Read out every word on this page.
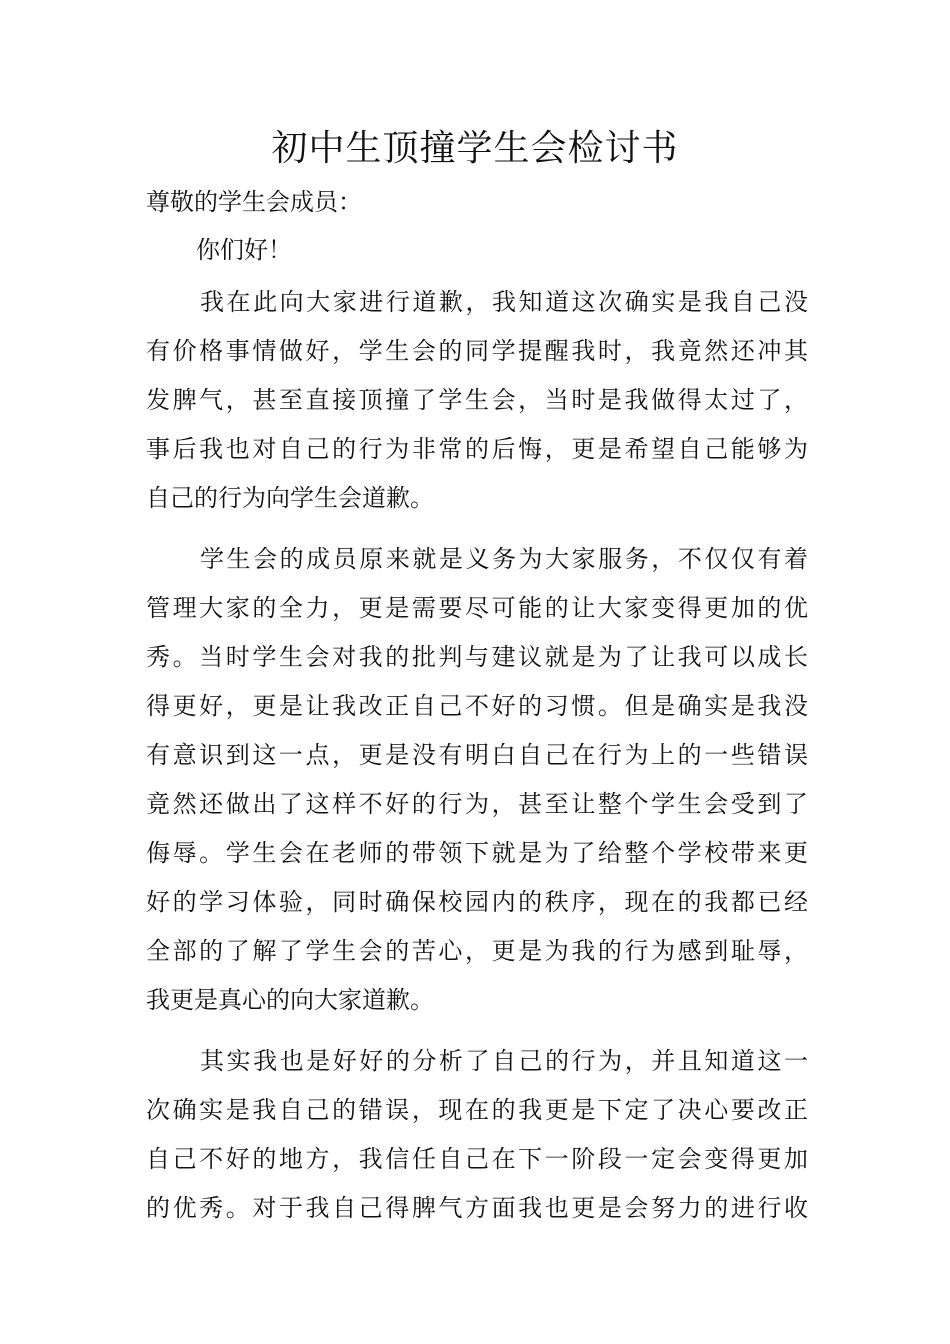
初中生顶撞学生会检讨书

尊敬的学生会成员：

你们好！

我在此向大家进行道歉，我知道这次确实是我自己没
有价格事情做好，学生会的同学提醒我时，我竟然还冲其
发脾气，甚至直接顶撞了学生会，当时是我做得太过了，
事后我也对自己的行为非常的后悔，更是希望自己能够为
自己的行为向学生会道歉。
学生会的成员原来就是义务为大家服务，不仅仅有着
管理大家的全力，更是需要尽可能的让大家变得更加的优
秀。当时学生会对我的批判与建议就是为了让我可以成长
得更好，更是让我改正自己不好的习惯。但是确实是我没
有意识到这一点，更是没有明白自己在行为上的一些错误
竟然还做出了这样不好的行为，甚至让整个学生会受到了
侮辱。学生会在老师的带领下就是为了给整个学校带来更
好的学习体验，同时确保校园内的秩序，现在的我都已经
全部的了解了学生会的苦心，更是为我的行为感到耻辱，
我更是真心的向大家道歉。
其实我也是好好的分析了自己的行为，并且知道这一
次确实是我自己的错误，现在的我更是下定了决心要改正
自己不好的地方，我信任自己在下一阶段一定会变得更加
的优秀。对于我自己得脾气方面我也更是会努力的进行收
